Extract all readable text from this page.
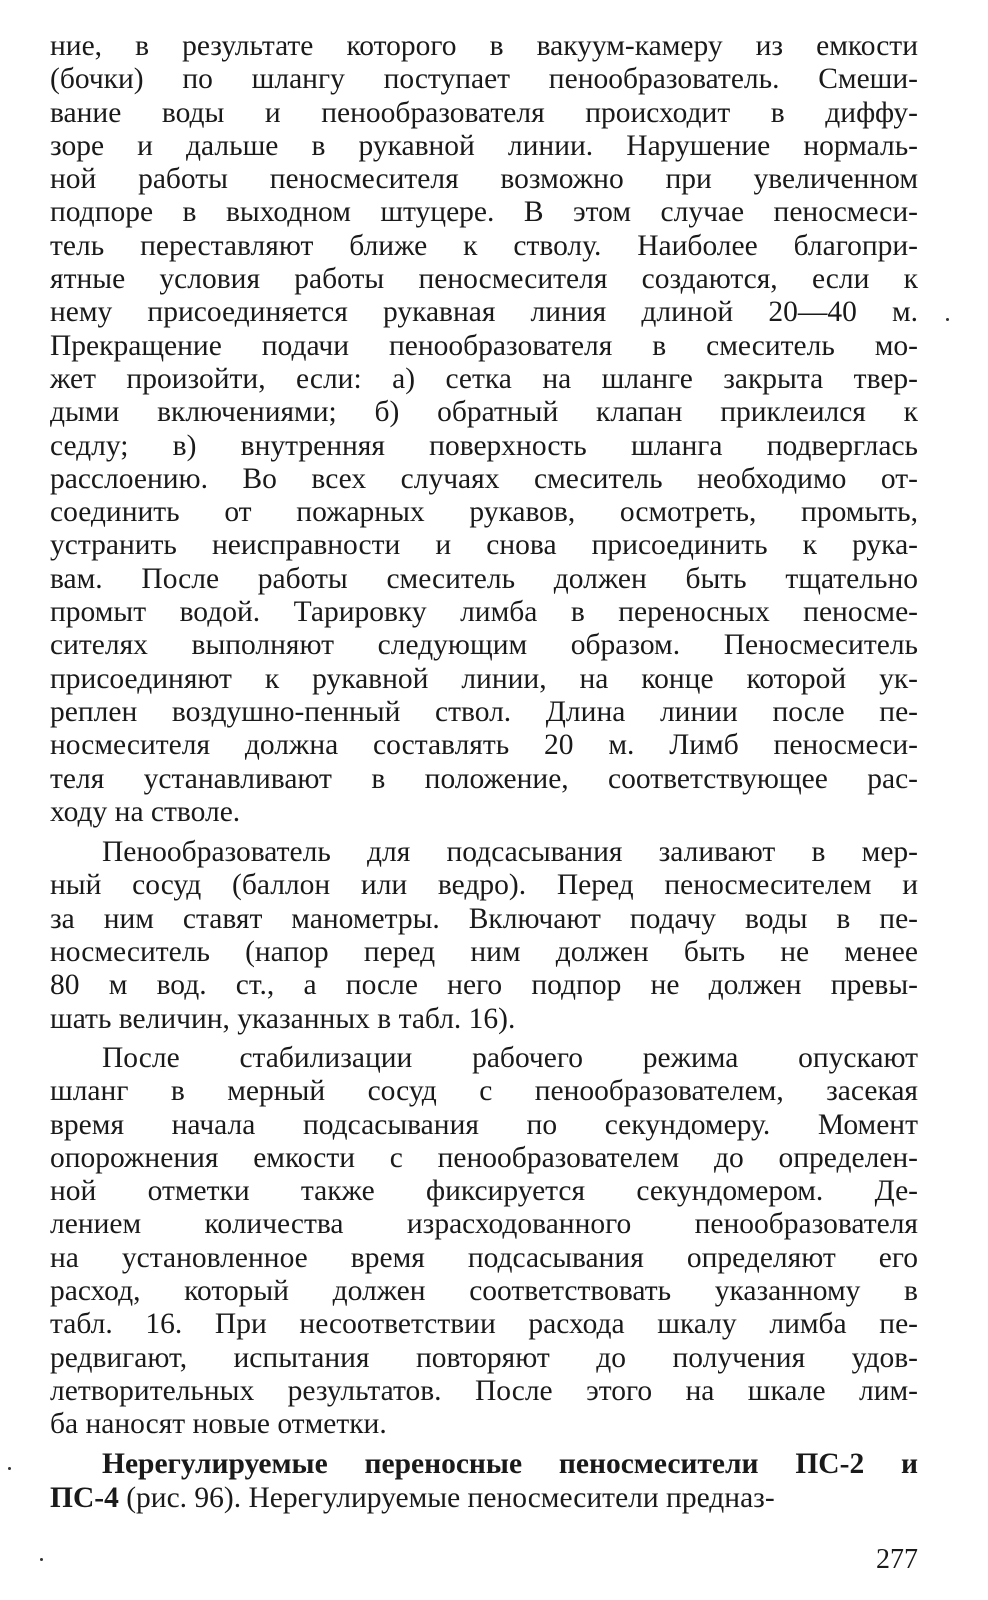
ние, в результате которого в вакуум-камеру из емкости
(бочки) по шлангу поступает пенообразователь. Смеши-
вание воды и пенообразователя происходит в диффу-
зоре и дальше в рукавной линии. Нарушение нормаль-
ной работы пеносмесителя возможно при увеличенном
подпоре в выходном штуцере. В этом случае пеносмеси-
тель переставляют ближе к стволу. Наиболее благопри-
ятные условия работы пеносмесителя создаются, если к
нему присоединяется рукавная линия длиной 20—40 м.
Прекращение подачи пенообразователя в смеситель мо-
жет произойти, если: а) сетка на шланге закрыта твер-
дыми включениями; б) обратный клапан приклеился к
седлу; в) внутренняя поверхность шланга подверглась
расслоению. Во всех случаях смеситель необходимо от-
соединить от пожарных рукавов, осмотреть, промыть,
устранить неисправности и снова присоединить к рука-
вам. После работы смеситель должен быть тщательно
промыт водой. Тарировку лимба в переносных пеносме-
сителях выполняют следующим образом. Пеносмеситель
присоединяют к рукавной линии, на конце которой ук-
реплен воздушно-пенный ствол. Длина линии после пе-
носмесителя должна составлять 20 м. Лимб пеносмеси-
теля устанавливают в положение, соответствующее рас-
ходу на стволе.

Пенообразователь для подсасывания заливают в мер-
ный сосуд (баллон или ведро). Перед пеносмесителем и
за ним ставят манометры. Включают подачу воды в пе-
носмеситель (напор перед ним должен быть не менее
80 м вод. ст., а после него подпор не должен превы-
шать величин, указанных в табл. 16).

После стабилизации рабочего режима опускают
шланг в мерный сосуд с пенообразователем, засекая
время начала подсасывания по секундомеру. Момент
опорожнения емкости с пенообразователем до определен-
ной отметки также фиксируется секундомером. Де-
лением количества израсходованного пенообразователя
на установленное время подсасывания определяют его
расход, который должен соответствовать указанному в
табл. 16. При несоответствии расхода шкалу лимба пе-
редвигают, испытания повторяют до получения удов-
летворительных результатов. После этого на шкале лим-
ба наносят новые отметки.

Нерегулируемые переносные пеносмесители ПС-2 и
ПС-4 (рис. 96). Нерегулируемые пеносмесители предназ-

277
